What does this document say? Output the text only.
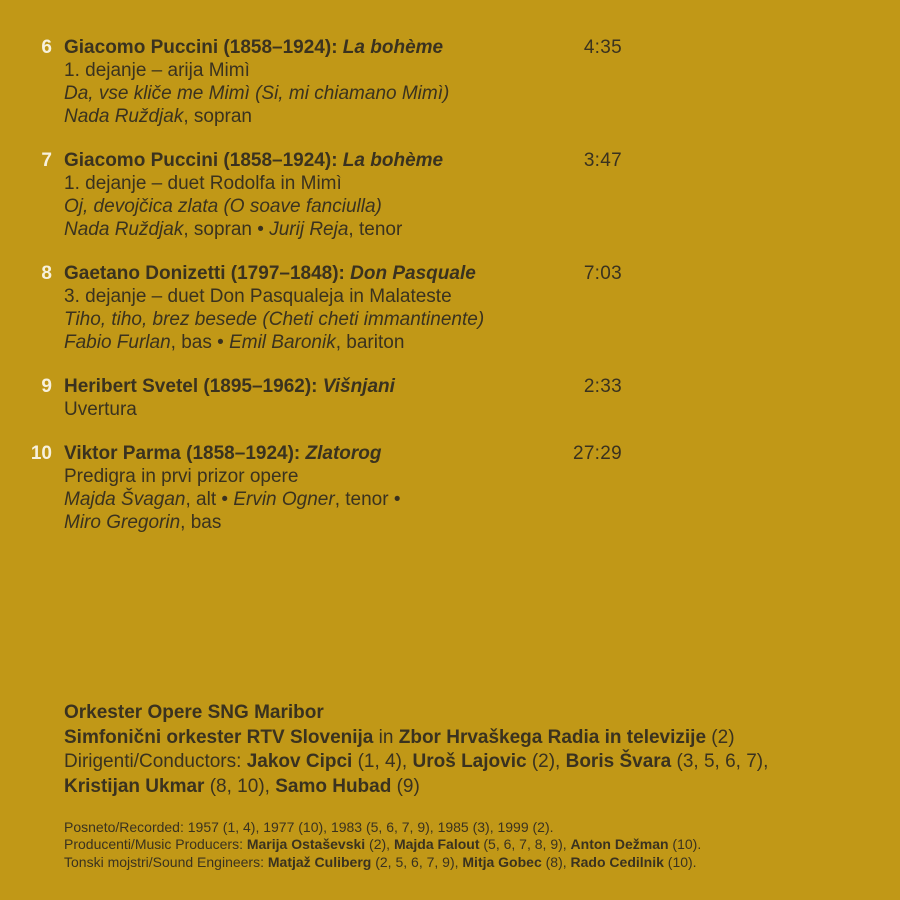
6 Giacomo Puccini (1858–1924): La bohème
1. dejanje – arija Mimì
Da, vse kliče me Mimì (Si, mi chiamano Mimì)
Nada Ruždjak, sopran
4:35
7 Giacomo Puccini (1858–1924): La bohème
1. dejanje – duet Rodolfa in Mimì
Oj, devojčica zlata (O soave fanciulla)
Nada Ruždjak, sopran • Jurij Reja, tenor
3:47
8 Gaetano Donizetti (1797–1848): Don Pasquale
3. dejanje – duet Don Pasqualeja in Malateste
Tiho, tiho, brez besede (Cheti cheti immantinente)
Fabio Furlan, bas • Emil Baronik, bariton
7:03
9 Heribert Svetel (1895–1962): Višnjani
Uvertura
2:33
10 Viktor Parma (1858–1924): Zlatorog
Predigra in prvi prizor opere
Majda Švagan, alt • Ervin Ogner, tenor •
Miro Gregorin, bas
27:29
Orkester Opere SNG Maribor
Simfonični orkester RTV Slovenija in Zbor Hrvaškega Radia in televizije (2)
Dirigenti/Conductors: Jakov Cipci (1, 4), Uroš Lajovic (2), Boris Švara (3, 5, 6, 7),
Kristijan Ukmar (8, 10), Samo Hubad (9)
Posneto/Recorded: 1957 (1, 4), 1977 (10), 1983 (5, 6, 7, 9), 1985 (3), 1999 (2).
Producenti/Music Producers: Marija Ostaševski (2), Majda Falout (5, 6, 7, 8, 9), Anton Dežman (10).
Tonski mojstri/Sound Engineers: Matjaž Culiberg (2, 5, 6, 7, 9), Mitja Gobec (8), Rado Cedilnik (10).
